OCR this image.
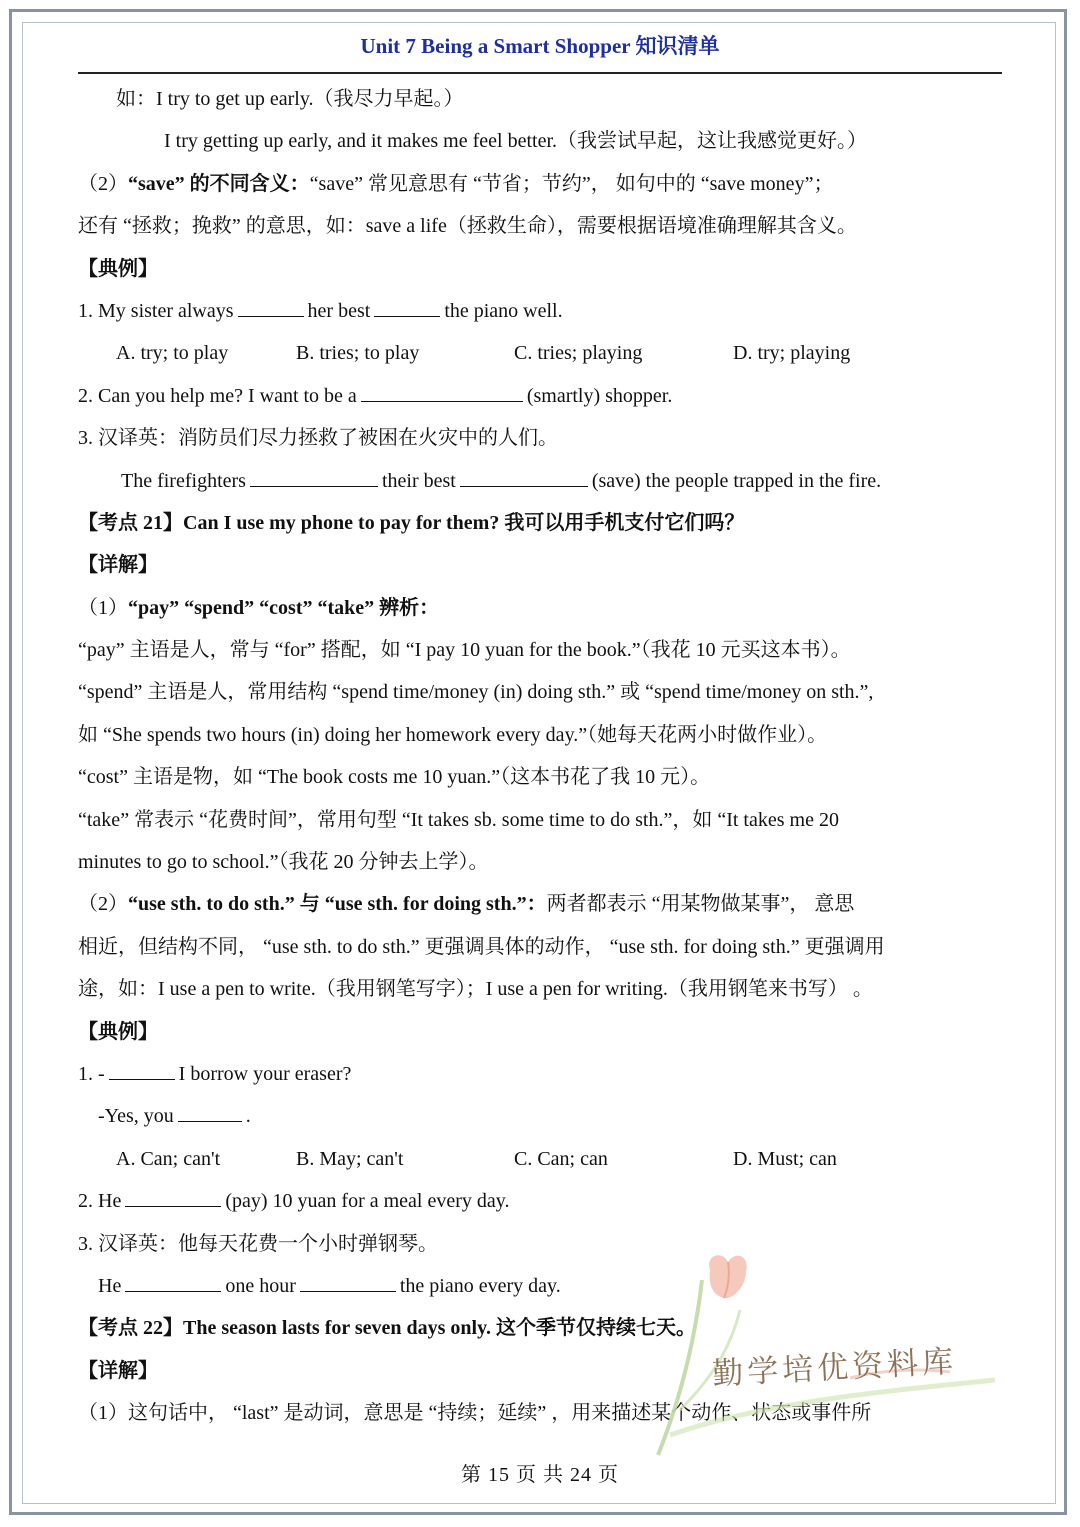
Unit 7 Being a Smart Shopper 知识清单
如：I try to get up early.（我尽力早起。）
I try getting up early, and it makes me feel better.（我尝试早起，这让我感觉更好。）
（2）“save” 的不同含义：“save” 常见意思有 “节省；节约”， 如句中的 “save money”；
还有 “拯救；挽救” 的意思，如：save a life（拯救生命），需要根据语境准确理解其含义。
【典例】
1. My sister always	her best	the piano well.
A. try; to play	B. tries; to play	C. tries; playing	D. try; playing
2. Can you help me? I want to be a	(smartly) shopper.
3. 汉译英：消防员们尽力拯救了被困在火灾中的人们。
The firefighters	their best	(save) the people trapped in the fire.
【考点 21】Can I use my phone to pay for them? 我可以用手机支付它们吗？
【详解】
（1）“pay” “spend” “cost” “take” 辨析：
“pay” 主语是人，常与 “for” 搭配，如 “I pay 10 yuan for the book.”（我花 10 元买这本书）。
“spend” 主语是人，常用结构 “spend time/money (in) doing sth.” 或 “spend time/money on sth.”,
如 “She spends two hours (in) doing her homework every day.”（她每天花两小时做作业）。
“cost” 主语是物，如 “The book costs me 10 yuan.”（这本书花了我 10 元）。
“take” 常表示 “花费时间”，常用句型 “It takes sb. some time to do sth.”，如 “It takes me 20
minutes to go to school.”（我花 20 分钟去上学）。
（2）“use sth. to do sth.” 与 “use sth. for doing sth.”：两者都表示 “用某物做某事”， 意思
相近，但结构不同， “use sth. to do sth.” 更强调具体的动作， “use sth. for doing sth.” 更强调用
途，如：I use a pen to write.（我用钢笔写字）；I use a pen for writing.（我用钢笔来书写） 。
【典例】
1. -	I borrow your eraser?
-Yes, you	.
A. Can; can't	B. May; can't	C. Can; can	D. Must; can
2. He	(pay) 10 yuan for a meal every day.
3. 汉译英：他每天花费一个小时弹钢琴。
He	one hour	the piano every day.
【考点 22】The season lasts for seven days only. 这个季节仅持续七天。
【详解】
（1）这句话中， “last” 是动词，意思是 “持续；延续” ，用来描述某个动作、状态或事件所
勤学培优资料库
第 15 页 共 24 页
